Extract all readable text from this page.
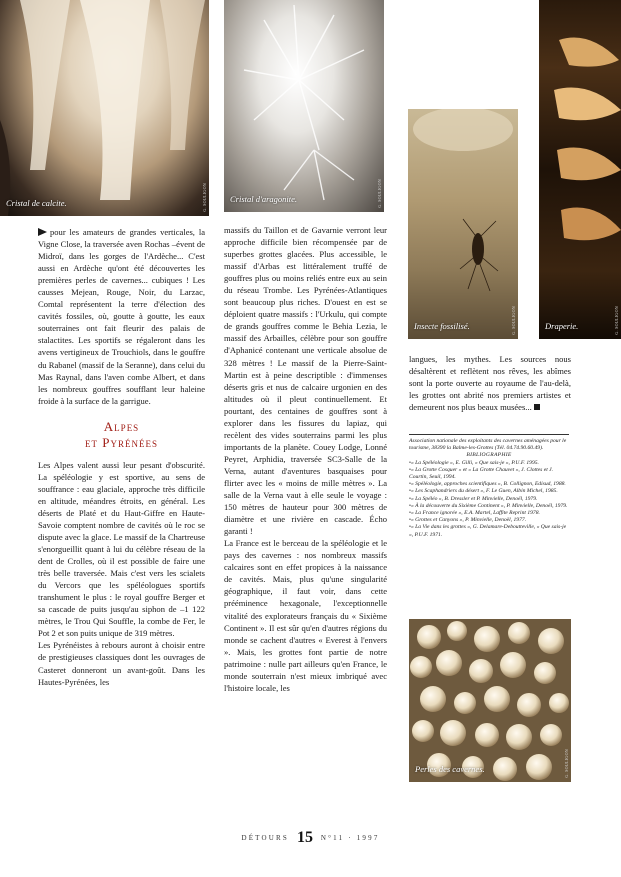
Cristal de calcite.	G. SOULIGON	Cristal d'aragonite.	G. SOULIGON
Insecte fossilisé.	G. SOULIGON	Draperie.	G. SOULIGON
Perles des cavernes.	G. SOULIGON

pour les amateurs de grandes verticales, la Vigne Close, la traversée aven Rochas –évent de Midroï, dans les gorges de l'Ardèche... C'est aussi en Ardèche qu'ont été découvertes les premières perles de cavernes... cubiques ! Les causses Mejean, Rouge, Noir, du Larzac, Comtal représentent la terre d'élection des cavités fossiles, où, goutte à goutte, les eaux souterraines ont fait fleurir des palais de stalactites. Les sportifs se régaleront dans les avens vertigineux de Trouchiols, dans le gouffre du Rabanel (massif de la Seranne), dans celui du Mas Raynal, dans l'aven combe Albert, et dans les nombreux gouffres soufflant leur haleine froide à la surface de la garrigue.

Alpes
et Pyrénées

Les Alpes valent aussi leur pesant d'obscurité. La spéléologie y est sportive, au sens de souffrance : eau glaciale, approche très difficile en altitude, méandres étroits, en général. Les déserts de Platé et du Haut-Giffre en Haute-Savoie comptent nombre de cavités où le roc se dispute avec la glace. Le massif de la Chartreuse s'enorgueillit quant à lui du célèbre réseau de la dent de Crolles, où il est possible de faire une très belle traversée. Mais c'est vers les scialets du Vercors que les spéléologues sportifs transhument le plus : le royal gouffre Berger et sa cascade de puits jusqu'au siphon de –1 122 mètres, le Trou Qui Souffle, la combe de Fer, le Pot 2 et son puits unique de 319 mètres.

Les Pyrénéistes à rebours auront à choisir entre de prestigieuses classiques dont les ouvrages de Casteret donneront un avant-goût. Dans les Hautes-Pyrénées, les

massifs du Taillon et de Gavarnie verront leur approche difficile bien récompensée par de superbes grottes glacées. Plus accessible, le massif d'Arbas est littéralement truffé de gouffres plus ou moins reliés entre eux au sein du réseau Trombe. Les Pyrénées-Atlantiques sont beaucoup plus riches. D'ouest en est se déploient quatre massifs : l'Urkulu, qui compte de grands gouffres comme le Behia Lezia, le massif des Arbailles, célèbre pour son gouffre d'Aphanicé contenant une verticale absolue de 328 mètres ! Le massif de la Pierre-Saint-Martin est à peine descriptible : d'immenses déserts gris et nus de calcaire urgonien en des altitudes où il pleut continuellement. Et pourtant, des centaines de gouffres sont à explorer dans les fissures du lapiaz, qui recèlent des vides souterrains parmi les plus importants de la planète. Couey Lodge, Lonné Peyret, Arphidia, traversée SC3-Salle de la Verna, autant d'aventures basquaises pour flirter avec les « moins de mille mètres ». La salle de la Verna vaut à elle seule le voyage : 150 mètres de hauteur pour 300 mètres de diamètre et une rivière en cascade. Écho garanti !

La France est le berceau de la spéléologie et le pays des cavernes : nos nombreux massifs calcaires sont en effet propices à la naissance de cavités. Mais, plus qu'une singularité géographique, il faut voir, dans cette prééminence hexagonale, l'exceptionnelle vitalité des explorateurs français du « Sixième Continent ». Il est sûr qu'en d'autres régions du monde se cachent d'autres « Everest à l'envers ». Mais, les grottes font partie de notre patrimoine : nulle part ailleurs qu'en France, le monde souterrain n'est mieux imbriqué avec l'histoire locale, les

langues, les mythes. Les sources nous désaltèrent et reflètent nos rêves, les abîmes sont la porte ouverte au royaume de l'au-delà, les grottes ont abrité nos premiers artistes et demeurent nos plus beaux musées...

Association nationale des exploitants des cavernes aménagées pour le tourisme, 38390 la Balme-les-Grottes (Tél. 04.74.90.60.49).
BIBLIOGRAPHIE
• « La Spéléologie », E. Gilli, « Que sais-je », P.U.F. 1995.
• « La Grotte Cosquer » et « La Grotte Chauvet », J. Clottes et J. Courtin, Seuil, 1994.
• « Spéléologie, approches scientifiques », B. Collignon, Edisud, 1988.
• « Les Scaphandriers du désert », F. Le Guen, Albin Michel, 1985.
• « La Spéléo », B. Dressler et P. Minvielle, Denoël, 1979.
• « À la découverte du Sixième Continent », P. Minvielle, Denoël, 1979.
• « La France ignorée », E.A. Martel, Laffite Reprint 1978.
• « Grottes et Canyons », P. Minvielle, Denoël, 1977.
• « La Vie dans les grottes », G. Delamare-Deboutteville, « Que sais-je », P.U.F. 1971.
DÉTOURS 15 N°11 · 1997
